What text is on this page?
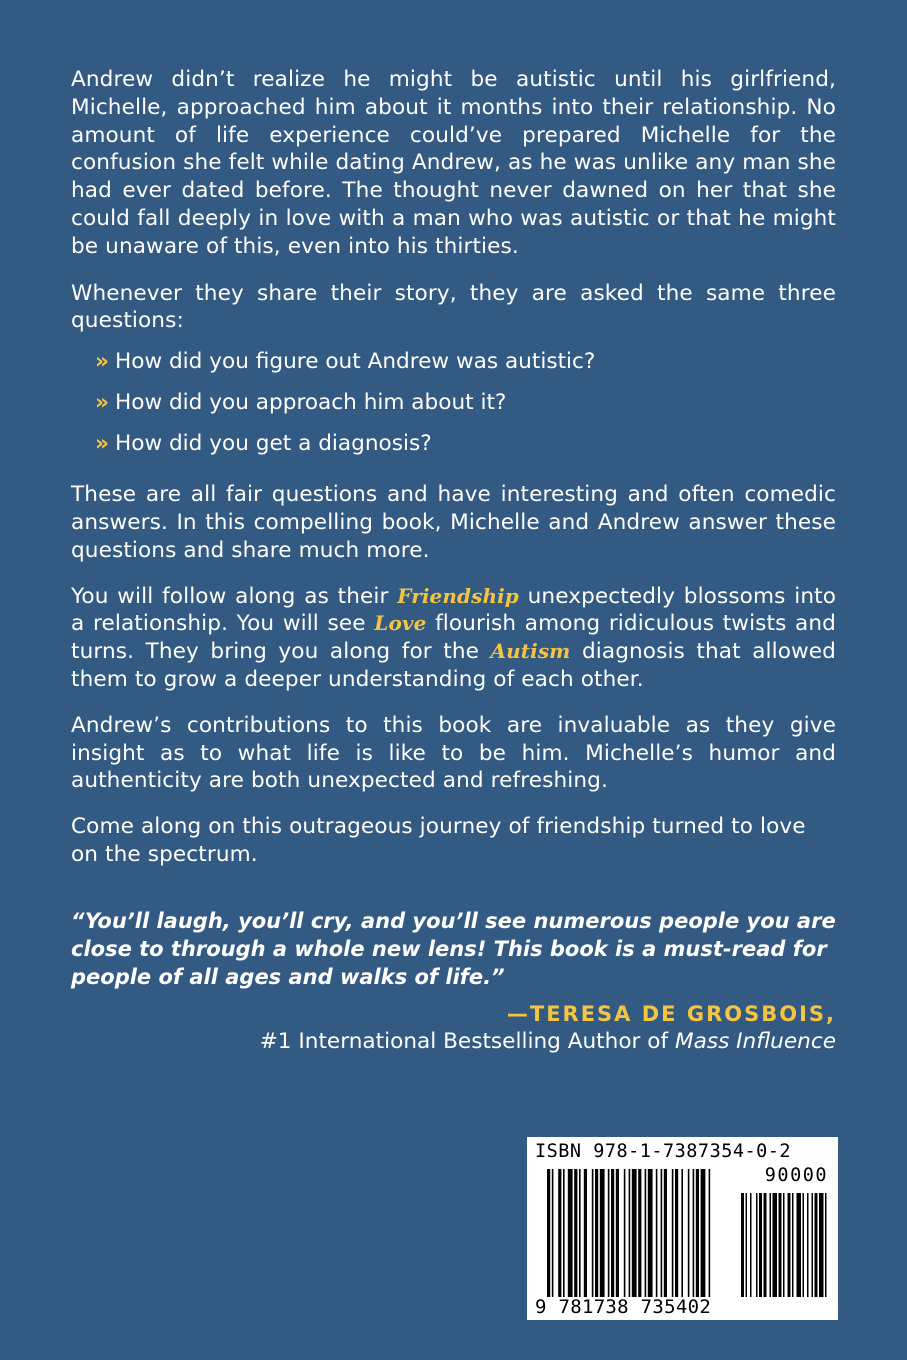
Andrew didn’t realize he might be autistic until his girlfriend, Michelle, approached him about it months into their relationship. No amount of life experience could’ve prepared Michelle for the confusion she felt while dating Andrew, as he was unlike any man she had ever dated before. The thought never dawned on her that she could fall deeply in love with a man who was autistic or that he might be unaware of this, even into his thirties.

Whenever they share their story, they are asked the same three questions:

» How did you figure out Andrew was autistic?
» How did you approach him about it?
» How did you get a diagnosis?

These are all fair questions and have interesting and often comedic answers. In this compelling book, Michelle and Andrew answer these questions and share much more.

You will follow along as their Friendship unexpectedly blossoms into a relationship. You will see Love flourish among ridiculous twists and turns. They bring you along for the Autism diagnosis that allowed them to grow a deeper understanding of each other.

Andrew’s contributions to this book are invaluable as they give insight as to what life is like to be him. Michelle’s humor and authenticity are both unexpected and refreshing.

Come along on this outrageous journey of friendship turned to love on the spectrum.

“You’ll laugh, you’ll cry, and you’ll see numerous people you are close to through a whole new lens! This book is a must-read for people of all ages and walks of life.”

—TERESA DE GROSBOIS,
#1 International Bestselling Author of Mass Influence
ISBN 978-1-7387354-0-2
90000
9 781738 735402
